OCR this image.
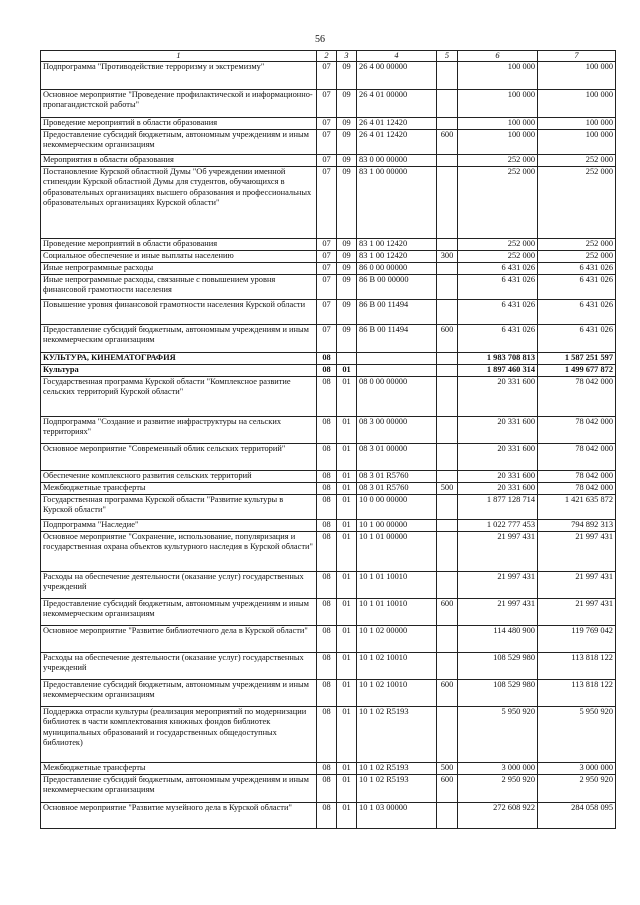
56
1	2	3	4	5	6	7
Подпрограмма "Противодействие терроризму и экстремизму"	07	09	26 4 00 00000		100 000	100 000
Основное мероприятие "Проведение профилактической и информационно-пропагандистской работы"	07	09	26 4 01 00000		100 000	100 000
Проведение мероприятий в области образования	07	09	26 4 01 12420		100 000	100 000
Предоставление субсидий бюджетным, автономным учреждениям и иным некоммерческим организациям	07	09	26 4 01 12420	600	100 000	100 000
Мероприятия в области образования	07	09	83 0 00 00000		252 000	252 000
Постановление Курской областной Думы "Об учреждении именной стипендии Курской областной Думы для студентов, обучающихся в образовательных организациях высшего образования и профессиональных образовательных организациях Курской области"	07	09	83 1 00 00000		252 000	252 000
Проведение мероприятий в области образования	07	09	83 1 00 12420		252 000	252 000
Социальное обеспечение и иные выплаты населению	07	09	83 1 00 12420	300	252 000	252 000
Иные непрограммные расходы	07	09	86 0 00 00000		6 431 026	6 431 026
Иные непрограммные расходы, связанные с повышением уровня финансовой грамотности населения	07	09	86 В 00 00000		6 431 026	6 431 026
Повышение уровня финансовой грамотности населения Курской области	07	09	86 В 00 11494		6 431 026	6 431 026
Предоставление субсидий бюджетным, автономным учреждениям и иным некоммерческим организациям	07	09	86 В 00 11494	600	6 431 026	6 431 026
КУЛЬТУРА, КИНЕМАТОГРАФИЯ	08				1 983 708 813	1 587 251 597
Культура	08	01			1 897 460 314	1 499 677 872
Государственная программа Курской области "Комплексное развитие сельских территорий Курской области"	08	01	08 0 00 00000		20 331 600	78 042 000
Подпрограмма "Создание и развитие инфраструктуры на сельских территориях"	08	01	08 3 00 00000		20 331 600	78 042 000
Основное мероприятие "Современный облик сельских территорий"	08	01	08 3 01 00000		20 331 600	78 042 000
Обеспечение комплексного развития сельских территорий	08	01	08 3 01 R5760		20 331 600	78 042 000
Межбюджетные трансферты	08	01	08 3 01 R5760	500	20 331 600	78 042 000
Государственная программа Курской области "Развитие культуры в Курской области"	08	01	10 0 00 00000		1 877 128 714	1 421 635 872
Подпрограмма "Наследие"	08	01	10 1 00 00000		1 022 777 453	794 892 313
Основное мероприятие "Сохранение, использование, популяризация и государственная охрана объектов культурного наследия в Курской области"	08	01	10 1 01 00000		21 997 431	21 997 431
Расходы на обеспечение деятельности (оказание услуг) государственных учреждений	08	01	10 1 01 10010		21 997 431	21 997 431
Предоставление субсидий бюджетным, автономным учреждениям и иным некоммерческим организациям	08	01	10 1 01 10010	600	21 997 431	21 997 431
Основное мероприятие "Развитие библиотечного дела в Курской области"	08	01	10 1 02 00000		114 480 900	119 769 042
Расходы на обеспечение деятельности (оказание услуг) государственных учреждений	08	01	10 1 02 10010		108 529 980	113 818 122
Предоставление субсидий бюджетным, автономным учреждениям и иным некоммерческим организациям	08	01	10 1 02 10010	600	108 529 980	113 818 122
Поддержка отрасли культуры (реализация мероприятий по модернизации библиотек в части комплектования книжных фондов библиотек муниципальных образований и государственных общедоступных библиотек)	08	01	10 1 02 R5193		5 950 920	5 950 920
Межбюджетные трансферты	08	01	10 1 02 R5193	500	3 000 000	3 000 000
Предоставление субсидий бюджетным, автономным учреждениям и иным некоммерческим организациям	08	01	10 1 02 R5193	600	2 950 920	2 950 920
Основное мероприятие "Развитие музейного дела в Курской области"	08	01	10 1 03 00000		272 608 922	284 058 095
